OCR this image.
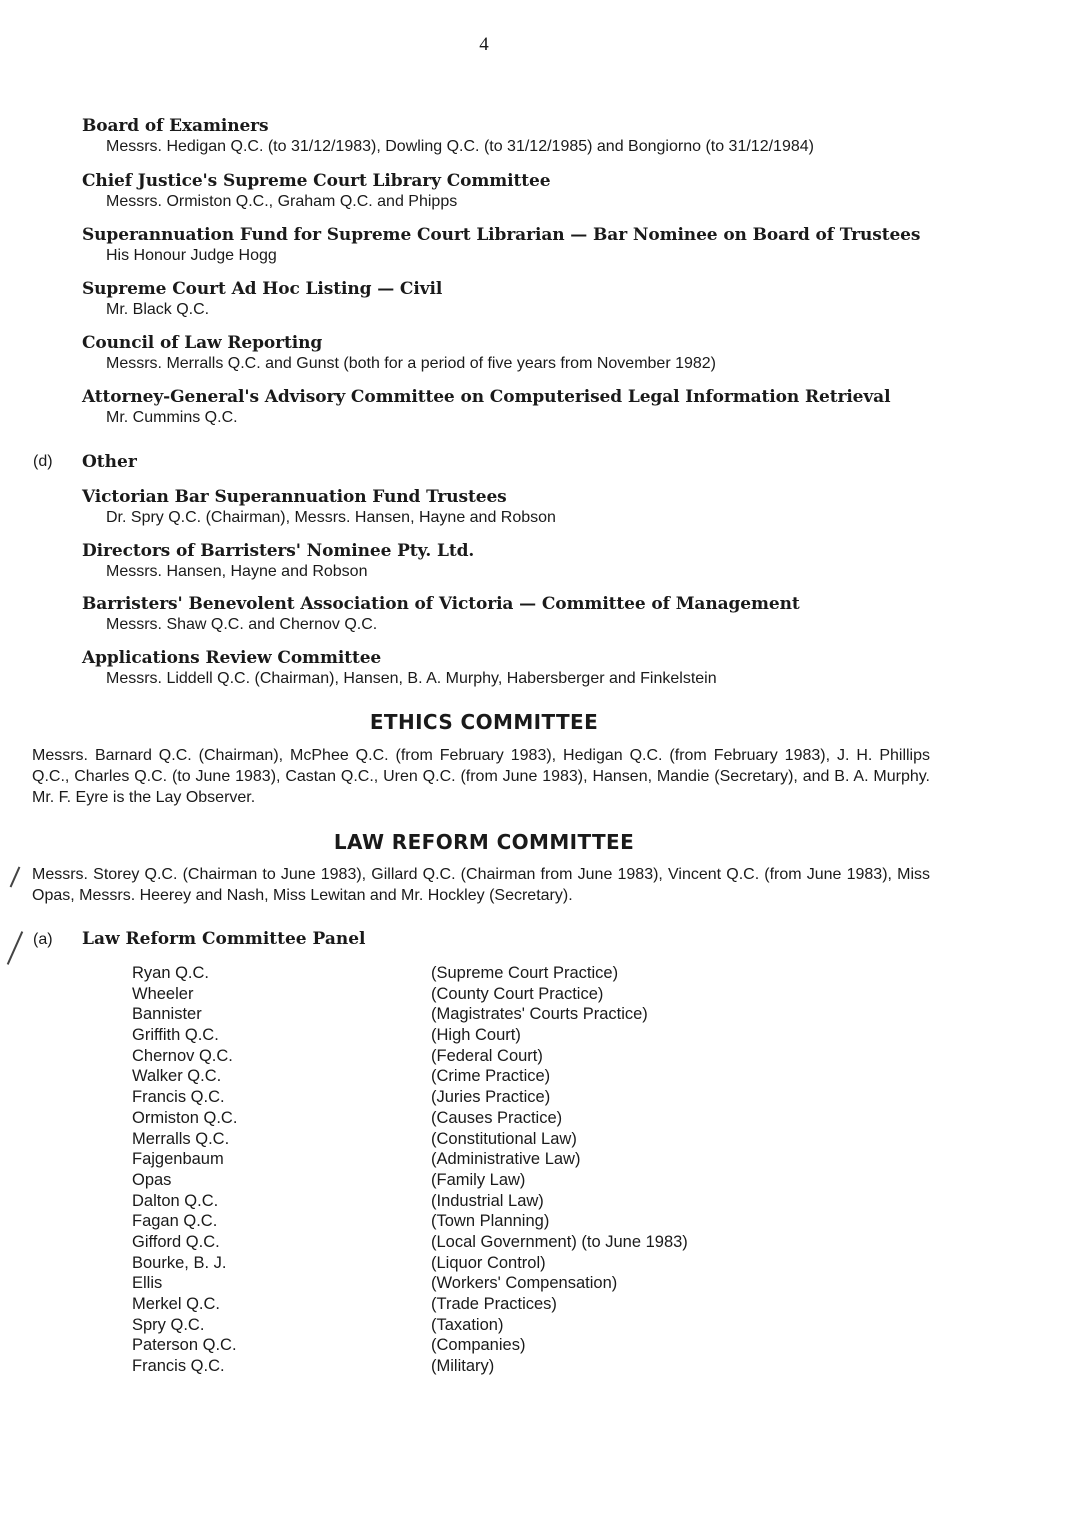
4
Board of Examiners
Messrs. Hedigan Q.C. (to 31/12/1983), Dowling Q.C. (to 31/12/1985) and Bongiorno (to 31/12/1984)
Chief Justice's Supreme Court Library Committee
Messrs. Ormiston Q.C., Graham Q.C. and Phipps
Superannuation Fund for Supreme Court Librarian — Bar Nominee on Board of Trustees
His Honour Judge Hogg
Supreme Court Ad Hoc Listing — Civil
Mr. Black Q.C.
Council of Law Reporting
Messrs. Merralls Q.C. and Gunst (both for a period of five years from November 1982)
Attorney-General's Advisory Committee on Computerised Legal Information Retrieval
Mr. Cummins Q.C.
(d) Other
Victorian Bar Superannuation Fund Trustees
Dr. Spry Q.C. (Chairman), Messrs. Hansen, Hayne and Robson
Directors of Barristers' Nominee Pty. Ltd.
Messrs. Hansen, Hayne and Robson
Barristers' Benevolent Association of Victoria — Committee of Management
Messrs. Shaw Q.C. and Chernov Q.C.
Applications Review Committee
Messrs. Liddell Q.C. (Chairman), Hansen, B. A. Murphy, Habersberger and Finkelstein
ETHICS COMMITTEE
Messrs. Barnard Q.C. (Chairman), McPhee Q.C. (from February 1983), Hedigan Q.C. (from February 1983), J. H. Phillips Q.C., Charles Q.C. (to June 1983), Castan Q.C., Uren Q.C. (from June 1983), Hansen, Mandie (Secretary), and B. A. Murphy. Mr. F. Eyre is the Lay Observer.
LAW REFORM COMMITTEE
Messrs. Storey Q.C. (Chairman to June 1983), Gillard Q.C. (Chairman from June 1983), Vincent Q.C. (from June 1983), Miss Opas, Messrs. Heerey and Nash, Miss Lewitan and Mr. Hockley (Secretary).
(a) Law Reform Committee Panel
Ryan Q.C.	(Supreme Court Practice)
Wheeler	(County Court Practice)
Bannister	(Magistrates' Courts Practice)
Griffith Q.C.	(High Court)
Chernov Q.C.	(Federal Court)
Walker Q.C.	(Crime Practice)
Francis Q.C.	(Juries Practice)
Ormiston Q.C.	(Causes Practice)
Merralls Q.C.	(Constitutional Law)
Fajgenbaum	(Administrative Law)
Opas	(Family Law)
Dalton Q.C.	(Industrial Law)
Fagan Q.C.	(Town Planning)
Gifford Q.C.	(Local Government) (to June 1983)
Bourke, B. J.	(Liquor Control)
Ellis	(Workers' Compensation)
Merkel Q.C.	(Trade Practices)
Spry Q.C.	(Taxation)
Paterson Q.C.	(Companies)
Francis Q.C.	(Military)
